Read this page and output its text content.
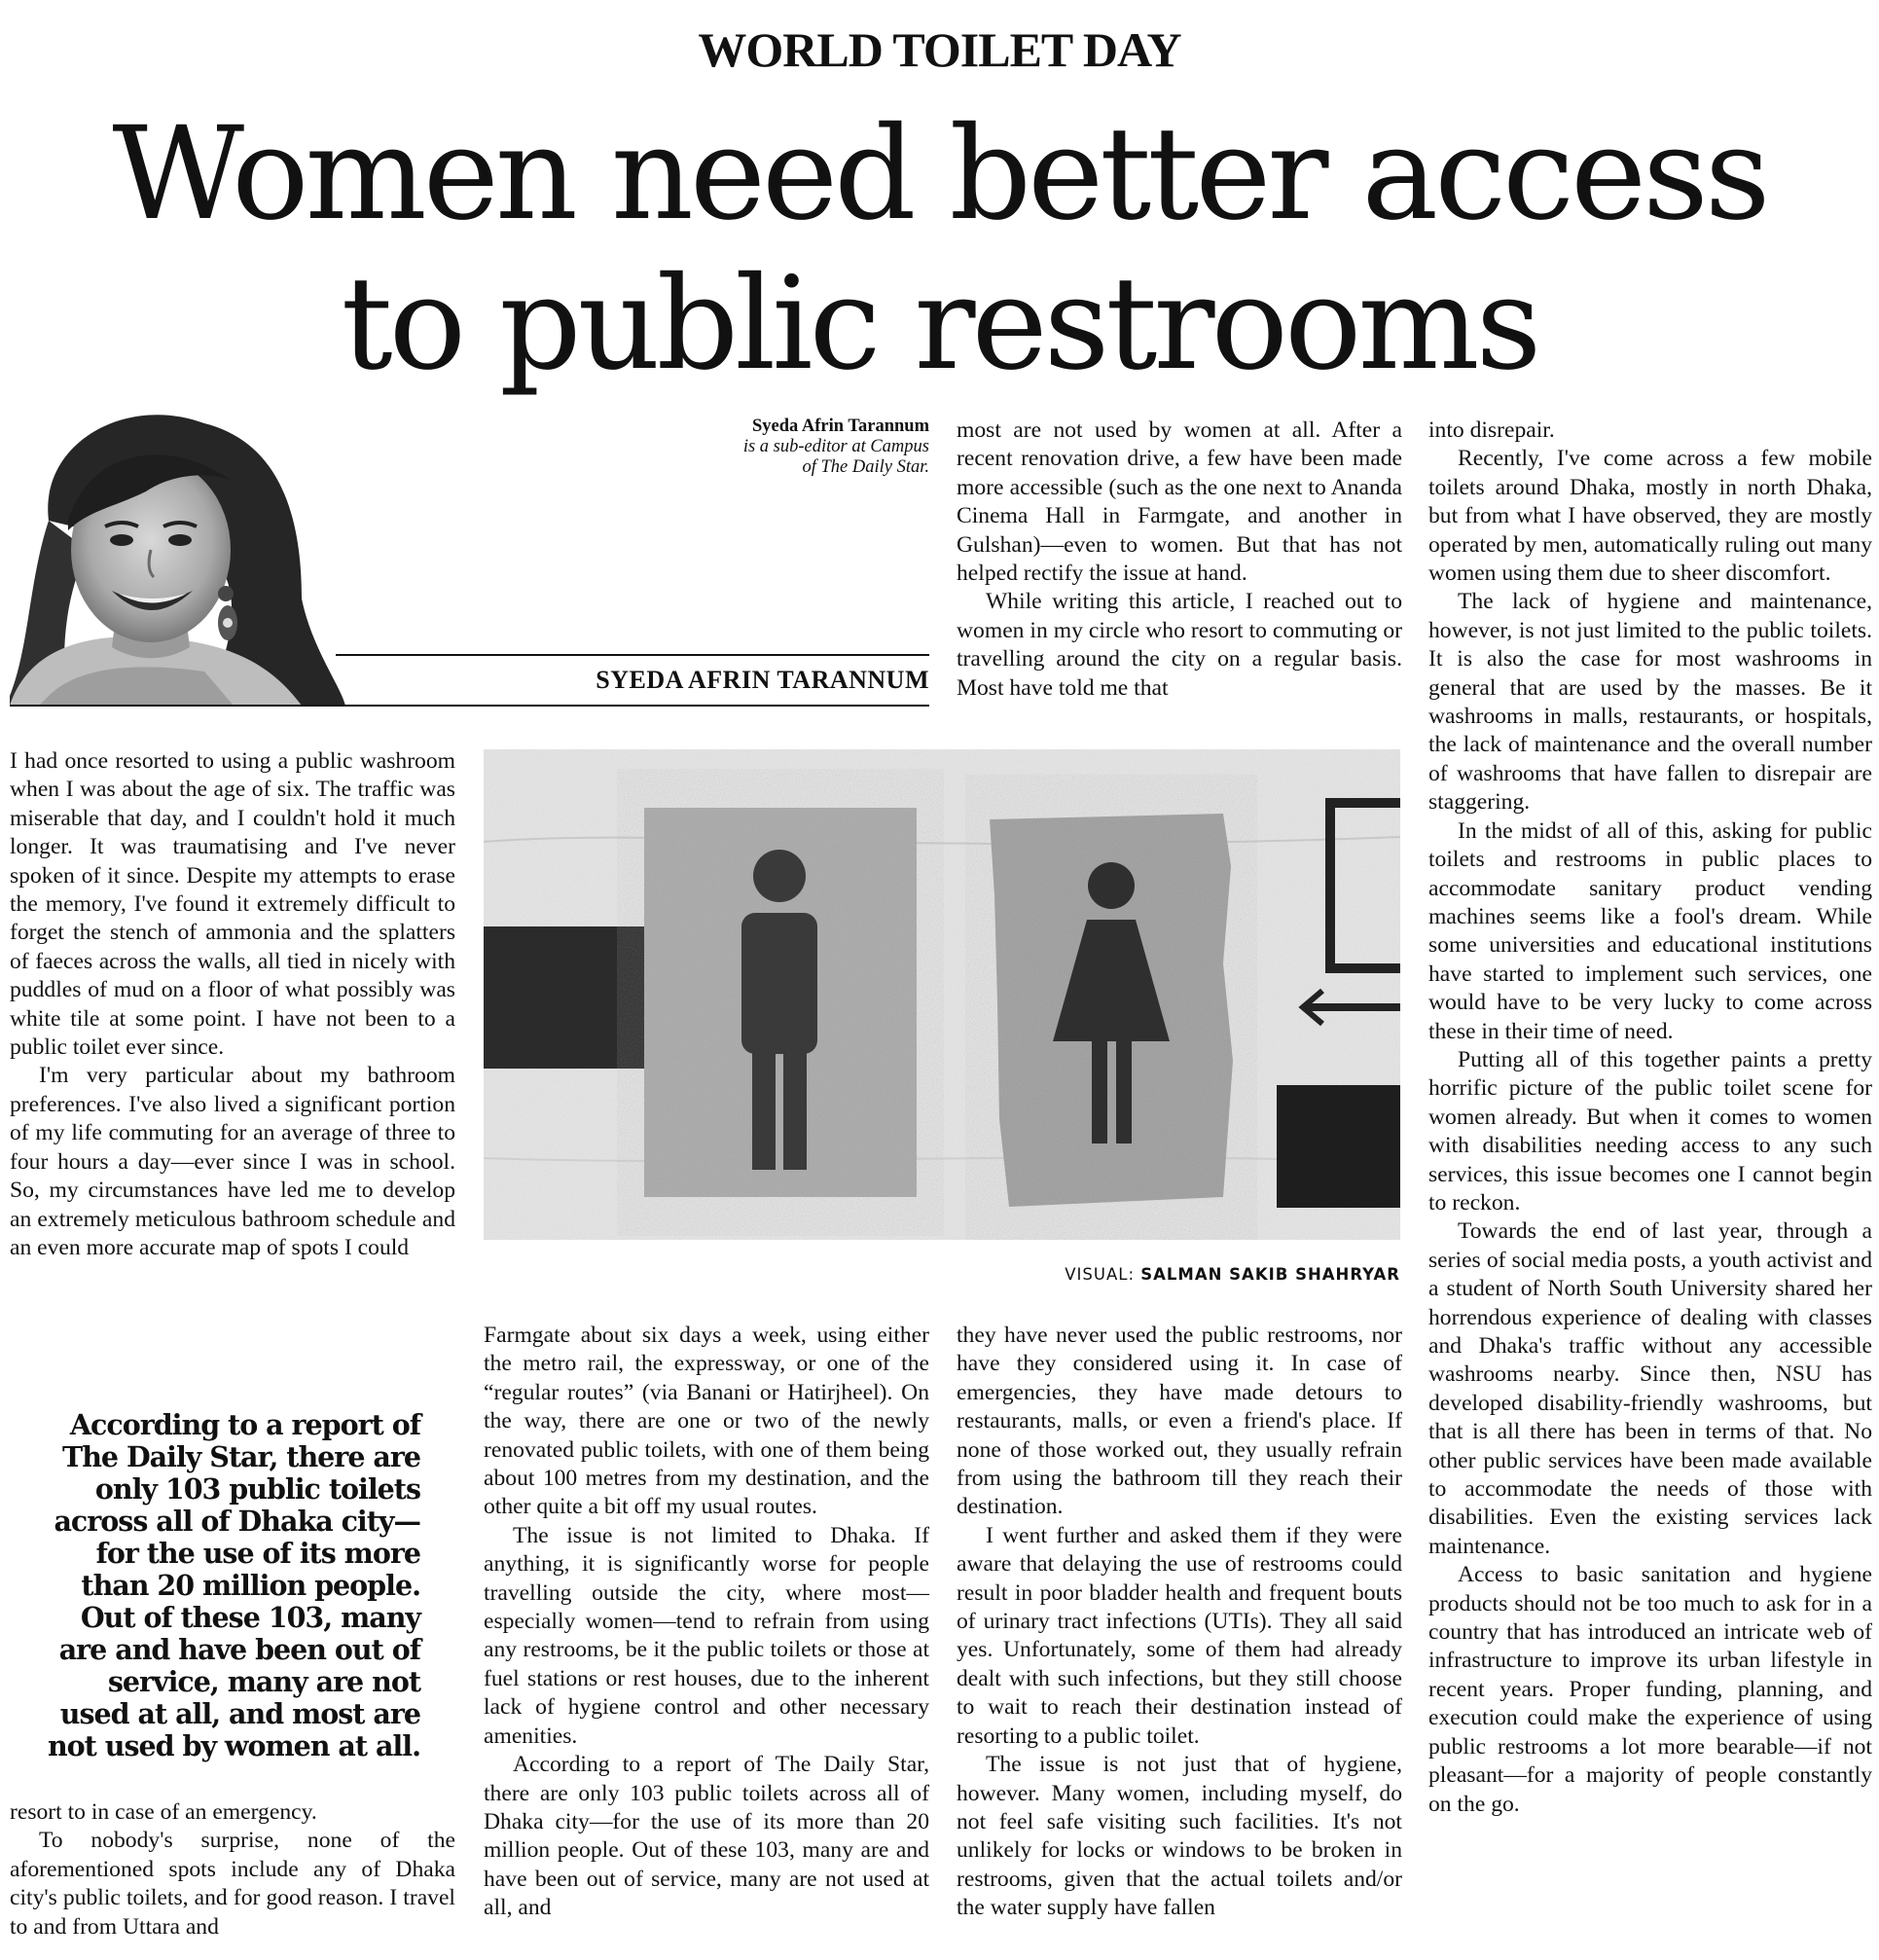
WORLD TOILET DAY
Women need better access to public restrooms
Syeda Afrin Tarannum
is a sub-editor at Campus
of The Daily Star.
SYEDA AFRIN TARANNUM

I had once resorted to using a public washroom when I was about the age of six. The traffic was miserable that day, and I couldn't hold it much longer. It was traumatising and I've never spoken of it since. Despite my attempts to erase the memory, I've found it extremely difficult to forget the stench of ammonia and the splatters of faeces across the walls, all tied in nicely with puddles of mud on a floor of what possibly was white tile at some point. I have not been to a public toilet ever since.

I'm very particular about my bathroom preferences. I've also lived a significant portion of my life commuting for an average of three to four hours a day—ever since I was in school. So, my circumstances have led me to develop an extremely meticulous bathroom schedule and an even more accurate map of spots I could

According to a report of The Daily Star, there are only 103 public toilets across all of Dhaka city—for the use of its more than 20 million people. Out of these 103, many are and have been out of service, many are not used at all, and most are not used by women at all.

resort to in case of an emergency.

To nobody's surprise, none of the aforementioned spots include any of Dhaka city's public toilets, and for good reason. I travel to and from Uttara and

most are not used by women at all. After a recent renovation drive, a few have been made more accessible (such as the one next to Ananda Cinema Hall in Farmgate, and another in Gulshan)—even to women. But that has not helped rectify the issue at hand.

While writing this article, I reached out to women in my circle who resort to commuting or travelling around the city on a regular basis. Most have told me that

VISUAL: SALMAN SAKIB SHAHRYAR

Farmgate about six days a week, using either the metro rail, the expressway, or one of the “regular routes” (via Banani or Hatirjheel). On the way, there are one or two of the newly renovated public toilets, with one of them being about 100 metres from my destination, and the other quite a bit off my usual routes.

The issue is not limited to Dhaka. If anything, it is significantly worse for people travelling outside the city, where most—especially women—tend to refrain from using any restrooms, be it the public toilets or those at fuel stations or rest houses, due to the inherent lack of hygiene control and other necessary amenities.

According to a report of The Daily Star, there are only 103 public toilets across all of Dhaka city—for the use of its more than 20 million people. Out of these 103, many are and have been out of service, many are not used at all, and

they have never used the public restrooms, nor have they considered using it. In case of emergencies, they have made detours to restaurants, malls, or even a friend's place. If none of those worked out, they usually refrain from using the bathroom till they reach their destination.

I went further and asked them if they were aware that delaying the use of restrooms could result in poor bladder health and frequent bouts of urinary tract infections (UTIs). They all said yes. Unfortunately, some of them had already dealt with such infections, but they still choose to wait to reach their destination instead of resorting to a public toilet.

The issue is not just that of hygiene, however. Many women, including myself, do not feel safe visiting such facilities. It's not unlikely for locks or windows to be broken in restrooms, given that the actual toilets and/or the water supply have fallen

into disrepair.

Recently, I've come across a few mobile toilets around Dhaka, mostly in north Dhaka, but from what I have observed, they are mostly operated by men, automatically ruling out many women using them due to sheer discomfort.

The lack of hygiene and maintenance, however, is not just limited to the public toilets. It is also the case for most washrooms in general that are used by the masses. Be it washrooms in malls, restaurants, or hospitals, the lack of maintenance and the overall number of washrooms that have fallen to disrepair are staggering.

In the midst of all of this, asking for public toilets and restrooms in public places to accommodate sanitary product vending machines seems like a fool's dream. While some universities and educational institutions have started to implement such services, one would have to be very lucky to come across these in their time of need.

Putting all of this together paints a pretty horrific picture of the public toilet scene for women already. But when it comes to women with disabilities needing access to any such services, this issue becomes one I cannot begin to reckon.

Towards the end of last year, through a series of social media posts, a youth activist and a student of North South University shared her horrendous experience of dealing with classes and Dhaka's traffic without any accessible washrooms nearby. Since then, NSU has developed disability-friendly washrooms, but that is all there has been in terms of that. No other public services have been made available to accommodate the needs of those with disabilities. Even the existing services lack maintenance.

Access to basic sanitation and hygiene products should not be too much to ask for in a country that has introduced an intricate web of infrastructure to improve its urban lifestyle in recent years. Proper funding, planning, and execution could make the experience of using public restrooms a lot more bearable—if not pleasant—for a majority of people constantly on the go.
